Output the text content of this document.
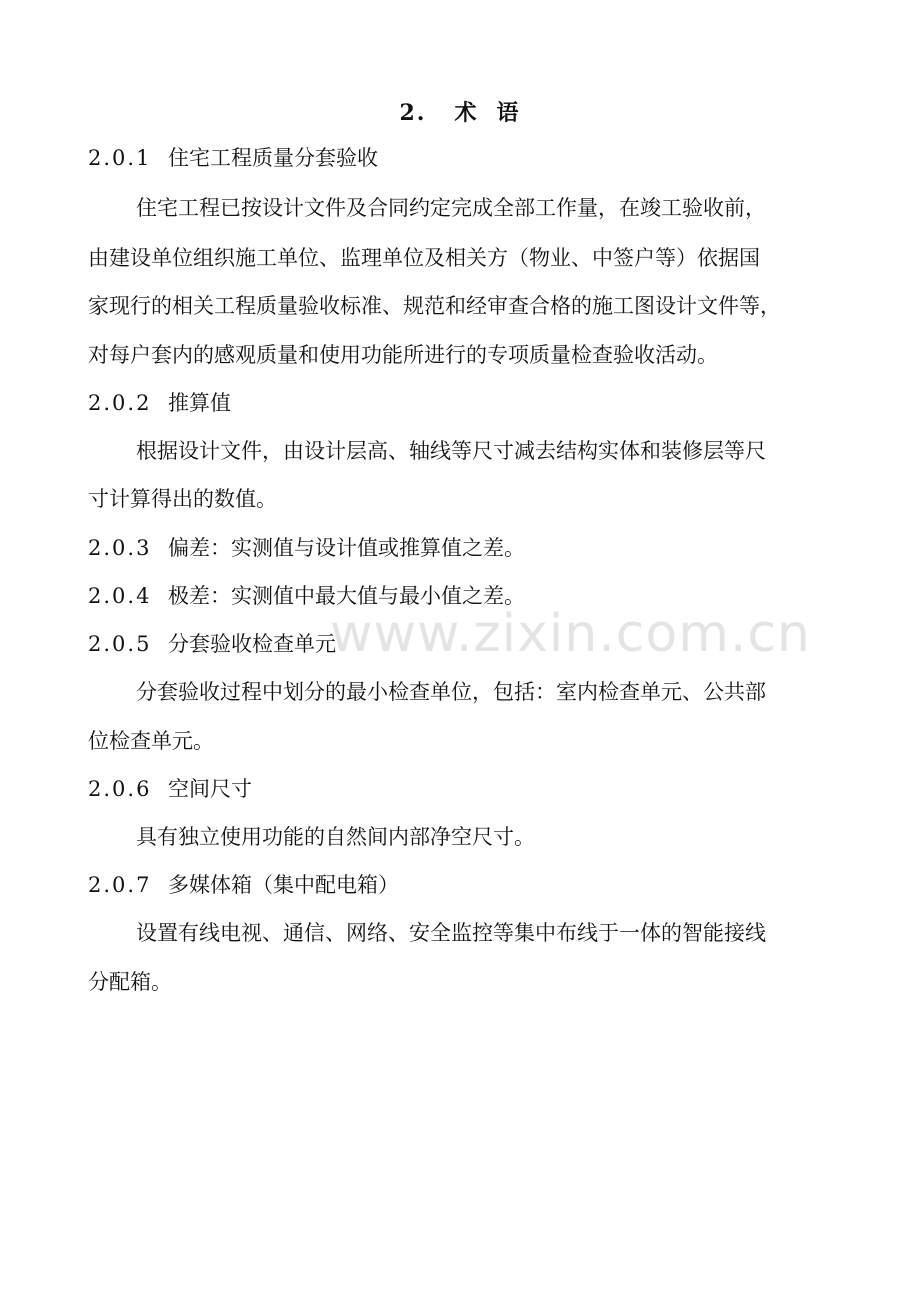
www.zixin.com.cn
2. 术 语
2.0.1 住宅工程质量分套验收
住宅工程已按设计文件及合同约定完成全部工作量，在竣工验收前，
由建设单位组织施工单位、监理单位及相关方（物业、中签户等）依据国
家现行的相关工程质量验收标准、规范和经审查合格的施工图设计文件等，
对每户套内的感观质量和使用功能所进行的专项质量检查验收活动。
2.0.2 推算值
根据设计文件，由设计层高、轴线等尺寸减去结构实体和装修层等尺
寸计算得出的数值。
2.0.3 偏差：实测值与设计值或推算值之差。
2.0.4 极差：实测值中最大值与最小值之差。
2.0.5 分套验收检查单元
分套验收过程中划分的最小检查单位，包括：室内检查单元、公共部
位检查单元。
2.0.6 空间尺寸
具有独立使用功能的自然间内部净空尺寸。
2.0.7 多媒体箱（集中配电箱）
设置有线电视、通信、网络、安全监控等集中布线于一体的智能接线
分配箱。
